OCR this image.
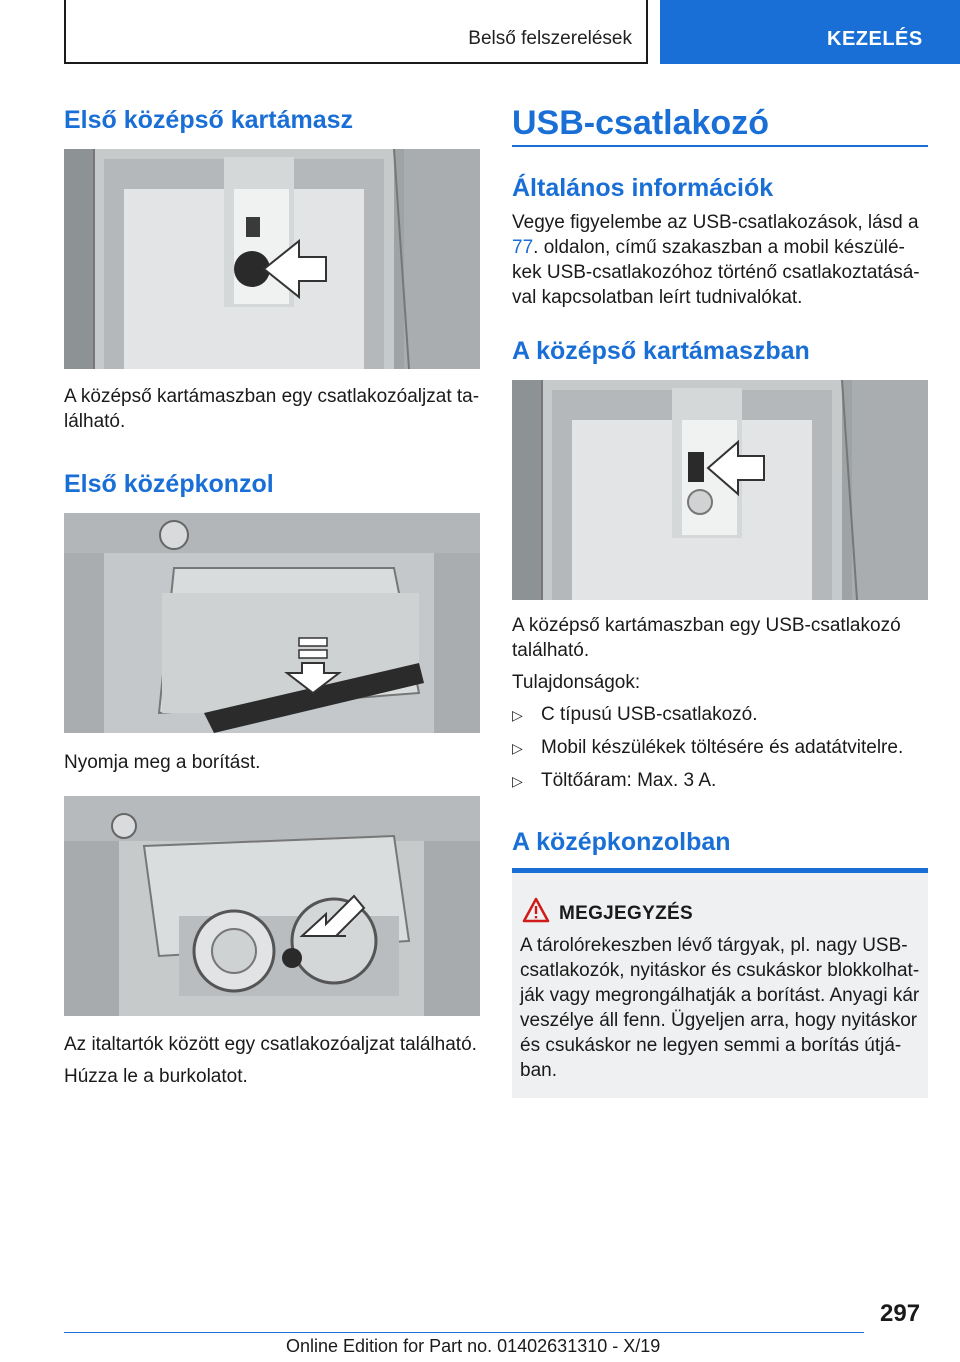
Belső felszerelések	KEZELÉS
Első középső kartámasz

A középső kartámaszban egy csatlakozóaljzat ta-lálható.

Első középkonzol

Nyomja meg a borítást.

Az italtartók között egy csatlakozóaljzat található.

Húzza le a burkolatot.

USB-csatlakozó
Általános információk

Vegye figyelembe az USB-csatlakozások, lásd a 77. oldalon, című szakaszban a mobil készülé-kek USB-csatlakozóhoz történő csatlakoztatásá-val kapcsolatban leírt tudnivalókat.

A középső kartámaszban

A középső kartámaszban egy USB-csatlakozó található.

Tulajdonságok:

▷ C típusú USB-csatlakozó.
▷ Mobil készülékek töltésére és adatátvitelre.
▷ Töltőáram: Max. 3 A.
A középkonzolban
MEGJEGYZÉS

A tárolórekeszben lévő tárgyak, pl. nagy USB-csatlakozók, nyitáskor és csukáskor blokkolhat-ják vagy megrongálhatják a borítást. Anyagi kár veszélye áll fenn. Ügyeljen arra, hogy nyitáskor és csukáskor ne legyen semmi a borítás útjá-ban.

297
Online Edition for Part no. 01402631310 - X/19
